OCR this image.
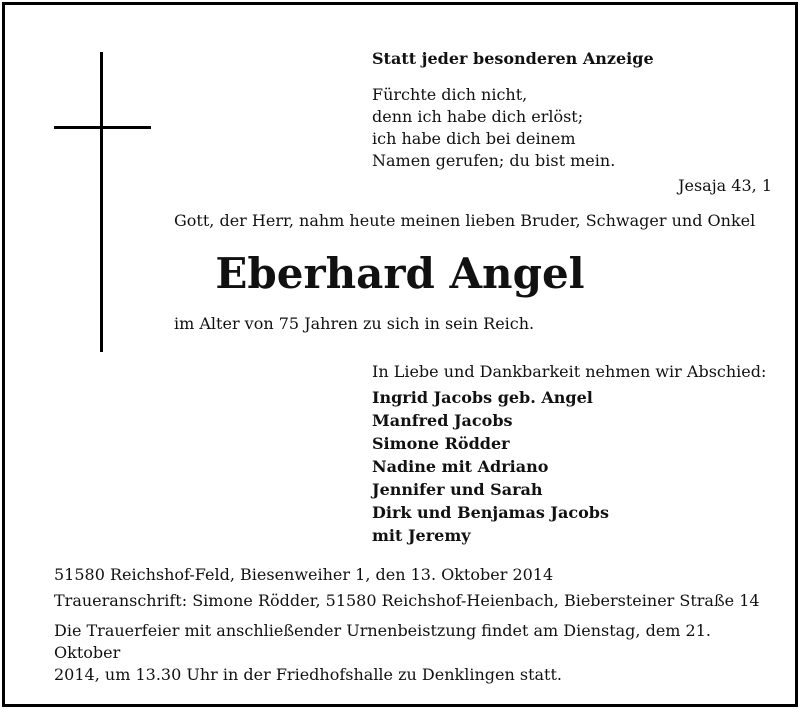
Statt jeder besonderen Anzeige
Fürchte dich nicht,
denn ich habe dich erlöst;
ich habe dich bei deinem
Namen gerufen; du bist mein.
Jesaja 43, 1
Gott, der Herr, nahm heute meinen lieben Bruder, Schwager und Onkel
Eberhard Angel
im Alter von 75 Jahren zu sich in sein Reich.
In Liebe und Dankbarkeit nehmen wir Abschied:
Ingrid Jacobs geb. Angel
Manfred Jacobs
Simone Rödder
Nadine mit Adriano
Jennifer und Sarah
Dirk und Benjamas Jacobs
mit Jeremy
51580 Reichshof-Feld, Biesenweiher 1, den 13. Oktober 2014
Traueranschrift: Simone Rödder, 51580 Reichshof-Heienbach, Biebersteiner Straße 14
Die Trauerfeier mit anschließender Urnenbeistzung findet am Dienstag, dem 21. Oktober
2014, um 13.30 Uhr in der Friedhofshalle zu Denklingen statt.
